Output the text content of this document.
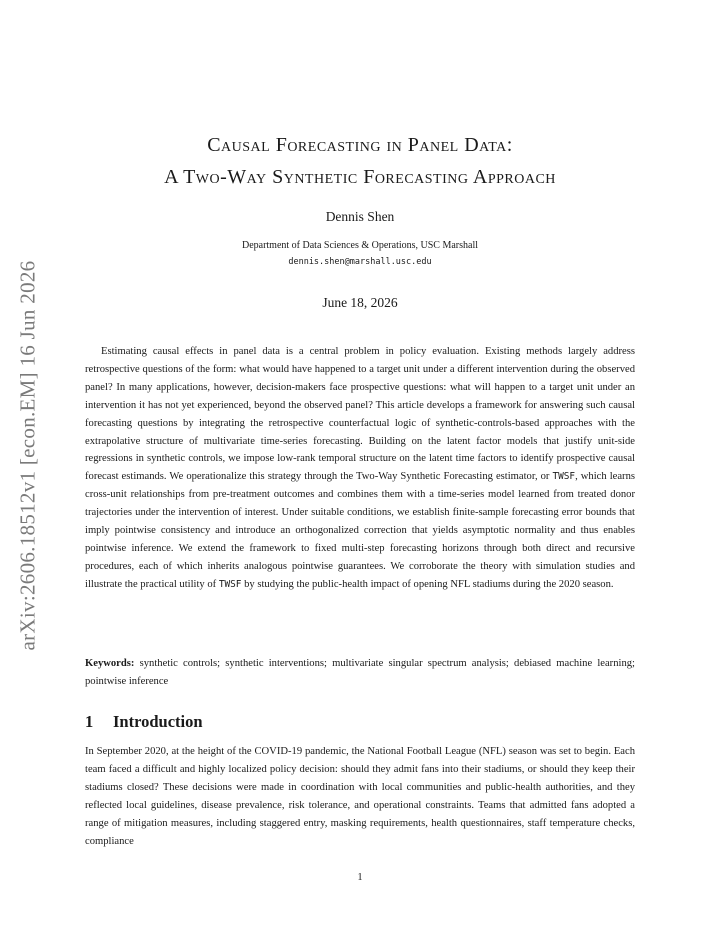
arXiv:2606.18512v1 [econ.EM] 16 Jun 2026
Causal Forecasting in Panel Data:
A Two-Way Synthetic Forecasting Approach
Dennis Shen
Department of Data Sciences & Operations, USC Marshall
dennis.shen@marshall.usc.edu
June 18, 2026

Estimating causal effects in panel data is a central problem in policy evaluation. Existing methods largely address retrospective questions of the form: what would have happened to a target unit under a different intervention during the observed panel? In many applications, however, decision-makers face prospective questions: what will happen to a target unit under an intervention it has not yet experienced, beyond the observed panel? This article develops a framework for answering such causal forecasting questions by integrating the retrospective counterfactual logic of synthetic-controls-based approaches with the extrapolative structure of multivariate time-series forecasting. Building on the latent factor models that justify unit-side regressions in synthetic controls, we impose low-rank temporal structure on the latent time factors to identify prospective causal forecast estimands. We operationalize this strategy through the Two-Way Synthetic Forecasting estimator, or TWSF, which learns cross-unit relationships from pre-treatment outcomes and combines them with a time-series model learned from treated donor trajectories under the intervention of interest. Under suitable conditions, we establish finite-sample forecasting error bounds that imply pointwise consistency and introduce an orthogonalized correction that yields asymptotic normality and thus enables pointwise inference. We extend the framework to fixed multi-step forecasting horizons through both direct and recursive procedures, each of which inherits analogous pointwise guarantees. We corroborate the theory with simulation studies and illustrate the practical utility of TWSF by studying the public-health impact of opening NFL stadiums during the 2020 season.

Keywords: synthetic controls; synthetic interventions; multivariate singular spectrum analysis; debiased machine learning; pointwise inference

1 Introduction

In September 2020, at the height of the COVID-19 pandemic, the National Football League (NFL) season was set to begin. Each team faced a difficult and highly localized policy decision: should they admit fans into their stadiums, or should they keep their stadiums closed? These decisions were made in coordination with local communities and public-health authorities, and they reflected local guidelines, disease prevalence, risk tolerance, and operational constraints. Teams that admitted fans adopted a range of mitigation measures, including staggered entry, masking requirements, health questionnaires, staff temperature checks, compliance

1
